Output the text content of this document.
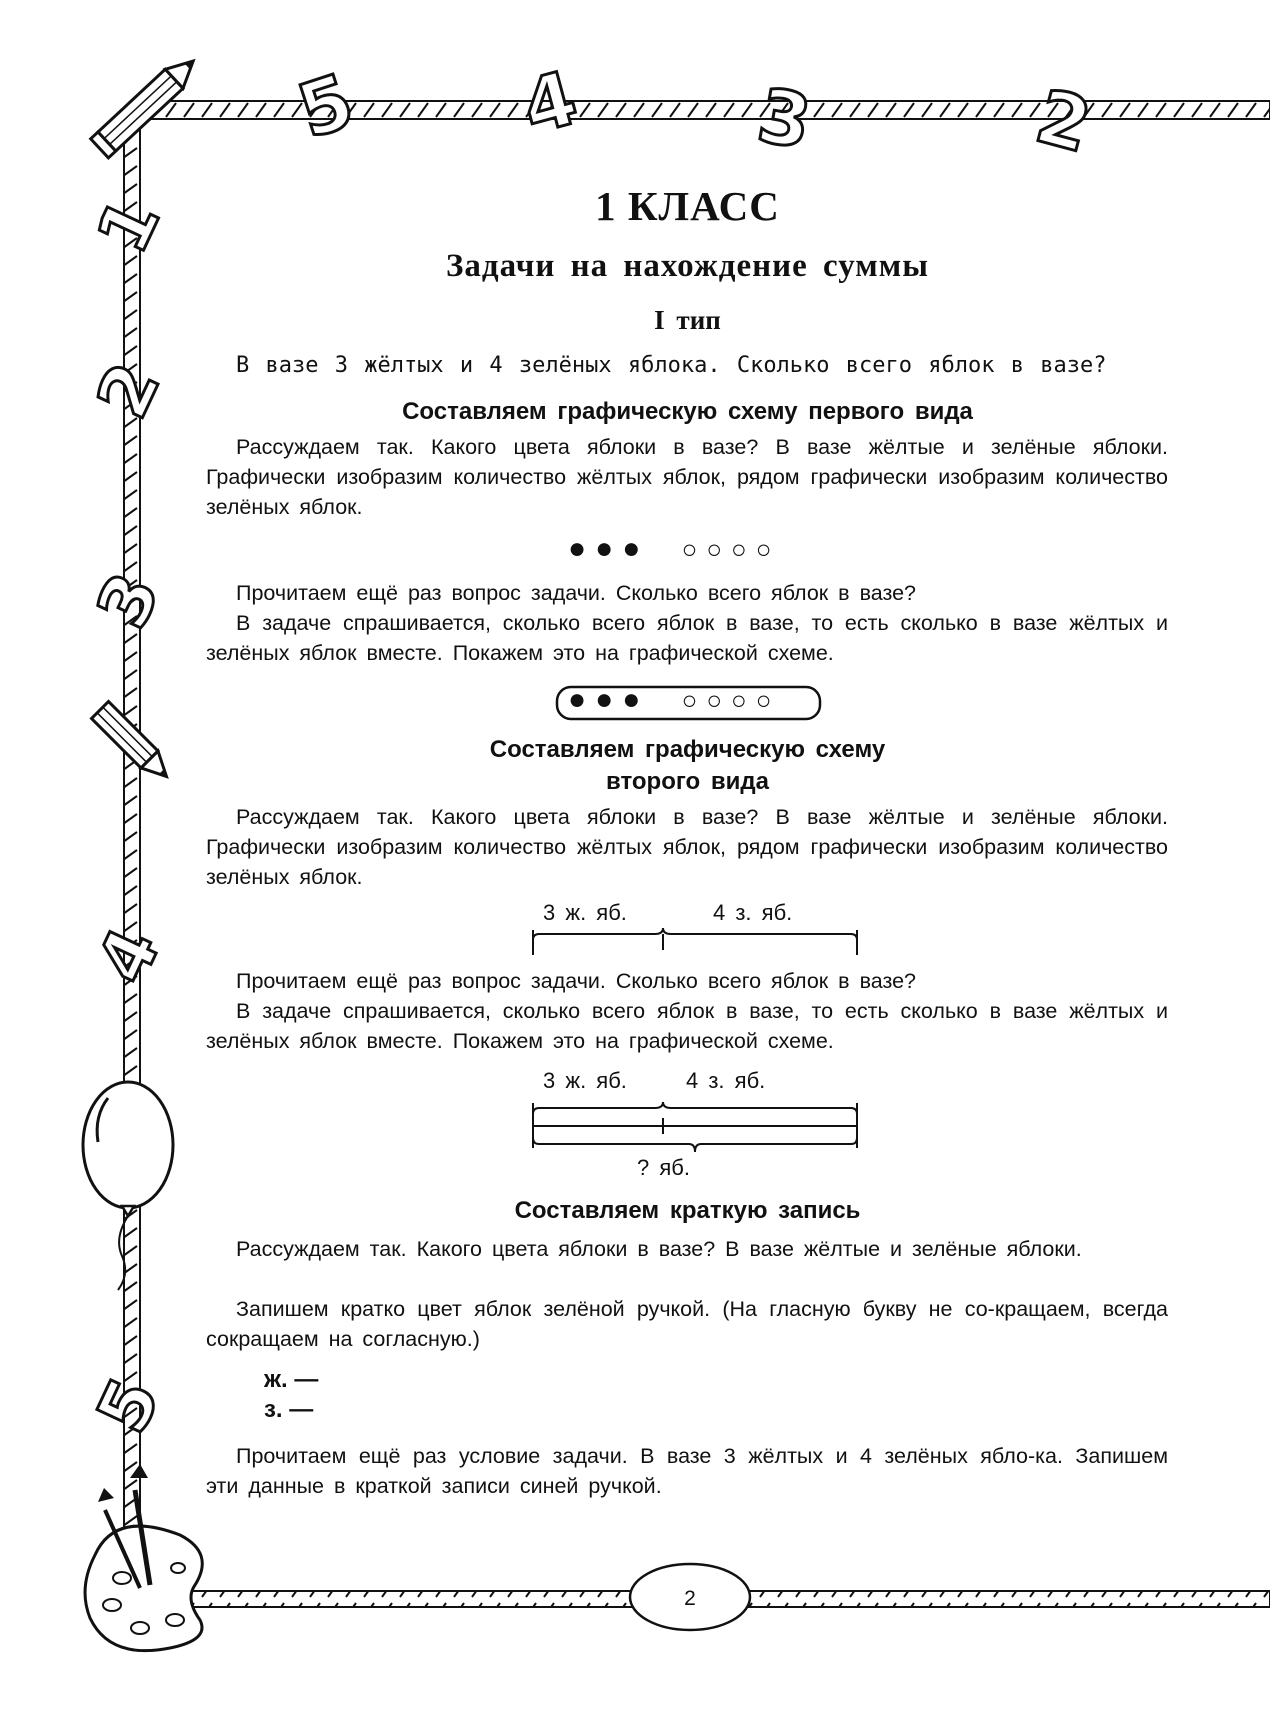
5 4 3	2
1
2
3
4
5
1 КЛАСС
Задачи на нахождение суммы
I тип
В вазе 3 жёлтых и 4 зелёных яблока. Сколько всего яблок в вазе?
Составляем графическую схему первого вида

Рассуждаем так. Какого цвета яблоки в вазе? В вазе жёлтые и зелёные яблоки. Графически изобразим количество жёлтых яблок, рядом графически изобразим количество зелёных яблок.

●●● ○○○○

Прочитаем ещё раз вопрос задачи. Сколько всего яблок в вазе?

В задаче спрашивается, сколько всего яблок в вазе, то есть сколько в вазе жёлтых и зелёных яблок вместе. Покажем это на графической схеме.

●●● ○○○○
Составляем графическую схему
второго вида

Рассуждаем так. Какого цвета яблоки в вазе? В вазе жёлтые и зелёные яблоки. Графически изобразим количество жёлтых яблок, рядом графически изобразим количество зелёных яблок.

3 ж. яб.	4 з. яб.

Прочитаем ещё раз вопрос задачи. Сколько всего яблок в вазе?

В задаче спрашивается, сколько всего яблок в вазе, то есть сколько в вазе жёлтых и зелёных яблок вместе. Покажем это на графической схеме.

3 ж. яб.	4 з. яб.
? яб.
Составляем краткую запись

Рассуждаем так. Какого цвета яблоки в вазе? В вазе жёлтые и зелёные яблоки.

Запишем кратко цвет яблок зелёной ручкой. (На гласную букву не со-кращаем, всегда сокращаем на согласную.)

ж. —
з. —

Прочитаем ещё раз условие задачи. В вазе 3 жёлтых и 4 зелёных ябло-ка. Запишем эти данные в краткой записи синей ручкой.

2
